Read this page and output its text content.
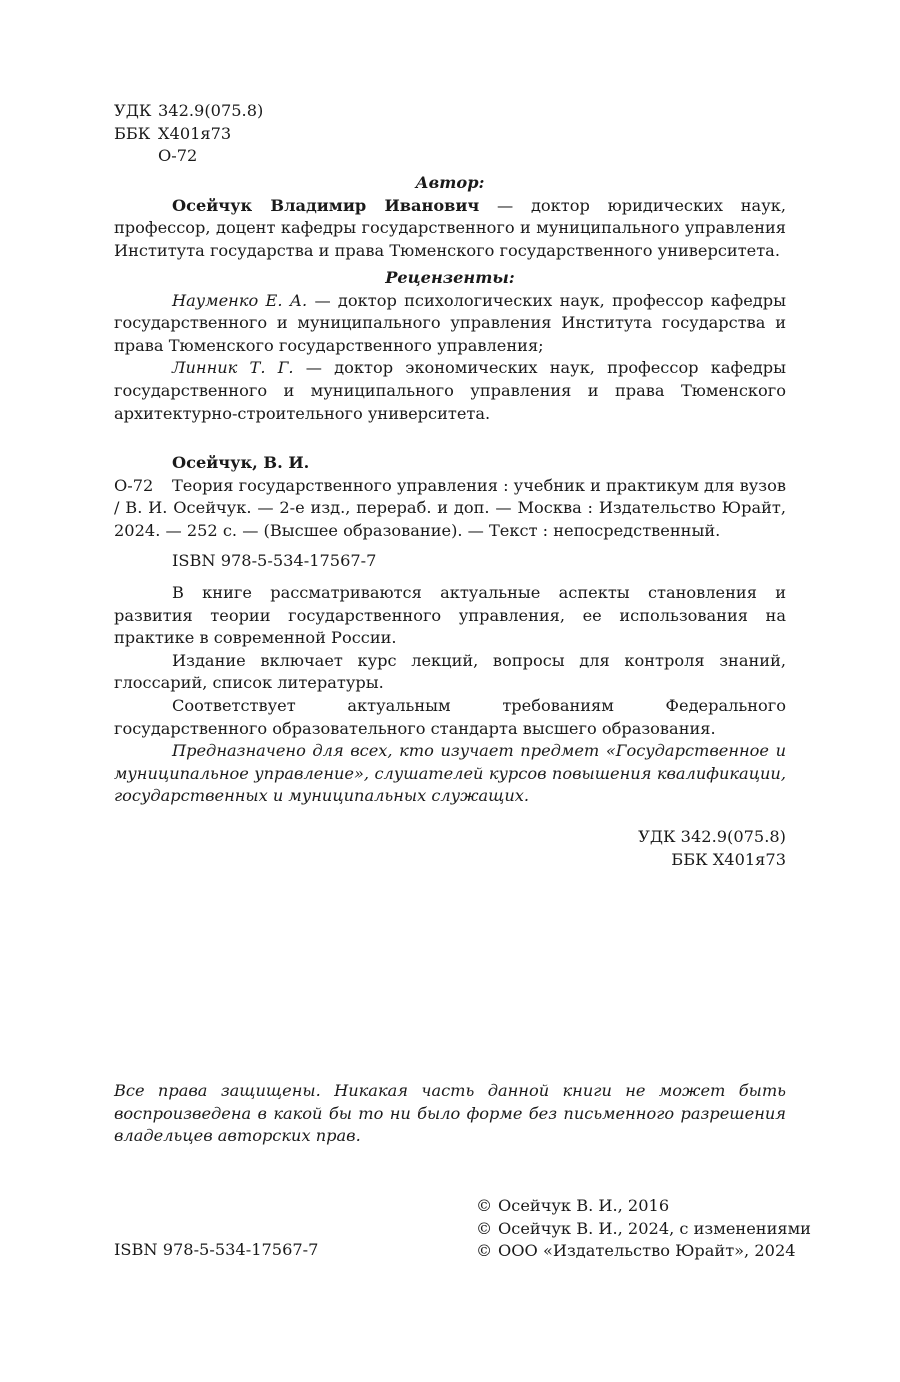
УДК 342.9(075.8)
ББК Х401я73
О-72

Автор:

Осейчук Владимир Иванович — доктор юридических наук, профессор, доцент кафедры государственного и муниципального управления Института государства и права Тюменского государственного университета.

Рецензенты:

Науменко Е. А. — доктор психологических наук, профессор кафедры государственного и муниципального управления Института государства и права Тюменского государственного управления;

Линник Т. Г. — доктор экономических наук, профессор кафедры государственного и муниципального управления и права Тюменского архитектурно-строительного университета.

Осейчук, В. И.

Теория государственного управления : учебник и практикум для вузов / В. И. Осейчук. — 2-е изд., перераб. и доп. — Москва : Издательство Юрайт, 2024. — 252 с. — (Высшее образование). — Текст : непосредственный.

ISBN 978-5-534-17567-7

О-72

В книге рассматриваются актуальные аспекты становления и развития теории государственного управления, ее использования на практике в современной России.

Издание включает курс лекций, вопросы для контроля знаний, глоссарий, список литературы.

Соответствует актуальным требованиям Федерального государственного образовательного стандарта высшего образования.

Предназначено для всех, кто изучает предмет «Государственное и муниципальное управление», слушателей курсов повышения квалификации, государственных и муниципальных служащих.

УДК 342.9(075.8)

ББК Х401я73

Все права защищены. Никакая часть данной книги не может быть воспроизведена в какой бы то ни было форме без письменного разрешения владельцев авторских прав.

ISBN 978-5-534-17567-7
© Осейчук В. И., 2016
© Осейчук В. И., 2024, с изменениями
© ООО «Издательство Юрайт», 2024
